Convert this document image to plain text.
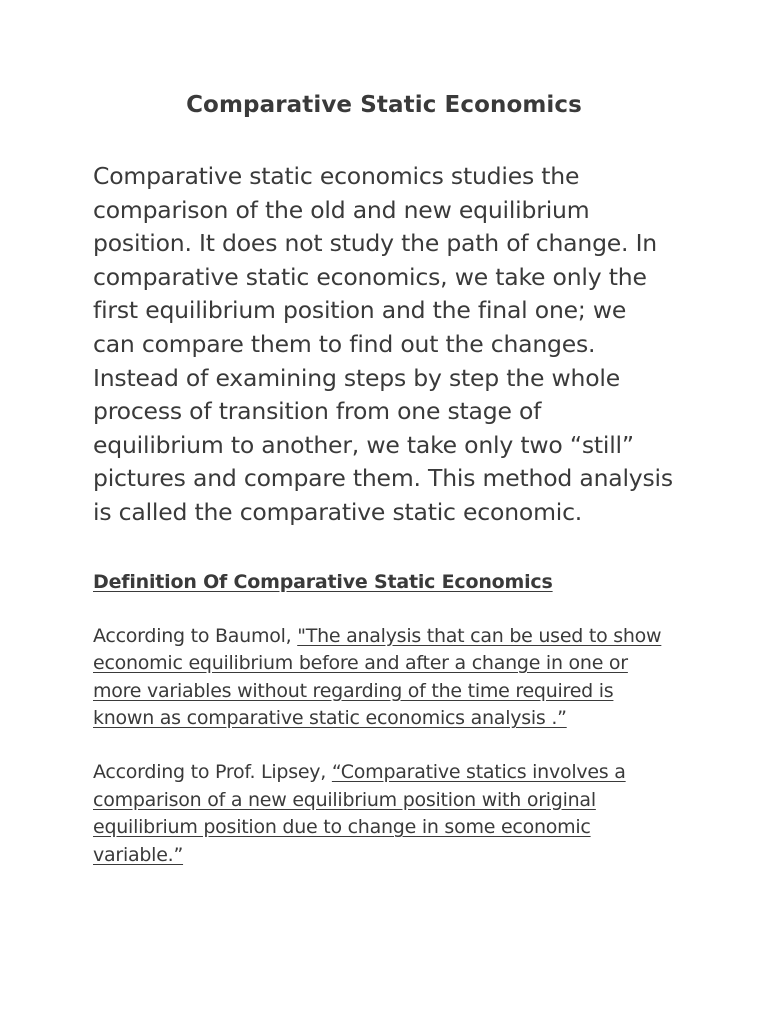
Comparative Static Economics

Comparative static economics studies the comparison of the old and new equilibrium position. It does not study the path of change. In comparative static economics, we take only the first equilibrium position and the final one; we can compare them to find out the changes. Instead of examining steps by step the whole process of transition from one stage of equilibrium to another, we take only two “still” pictures and compare them. This method analysis is called the comparative static economic.

Definition Of Comparative Static Economics

According to Baumol, "The analysis that can be used to show economic equilibrium before and after a change in one or more variables without regarding of the time required is known as comparative static economics analysis .”

According to Prof. Lipsey, “Comparative statics involves a comparison of a new equilibrium position with original equilibrium position due to change in some economic variable.”
